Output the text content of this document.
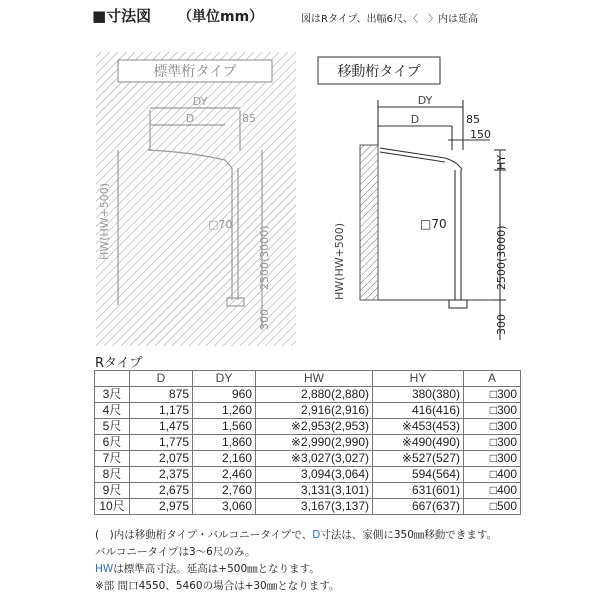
■寸法図 （単位mm）	図はRタイプ、出幅6尺、〈　〉内は延高
標準桁タイプ
DY
D	85
□70
HW(HW+500)	2500(3000)
300
移動桁タイプ
DY
D	85
150
□70
HW(HW+500)
HY
2500(3000)
300
Rタイプ
	D	DY	HW	HY	A
3尺	875	960	2,880(2,880)	380(380)	□300
4尺	1,175	1,260	2,916(2,916)	416(416)	□300
5尺	1,475	1,560	※2,953(2,953)	※453(453)	□300
6尺	1,775	1,860	※2,990(2,990)	※490(490)	□300
7尺	2,075	2,160	※3,027(3,027)	※527(527)	□300
8尺	2,375	2,460	3,094(3,064)	594(564)	□400
9尺	2,675	2,760	3,131(3,101)	631(601)	□400
10尺	2,975	3,060	3,167(3,137)	667(637)	□500
(　)内は移動桁タイプ・バルコニータイプで、D寸法は、家側に350㎜移動できます。
バルコニータイプは3～6尺のみ。
HWは標準高寸法。延高は+500㎜となります。
※部 間口4550、5460の場合は+30㎜となります。
